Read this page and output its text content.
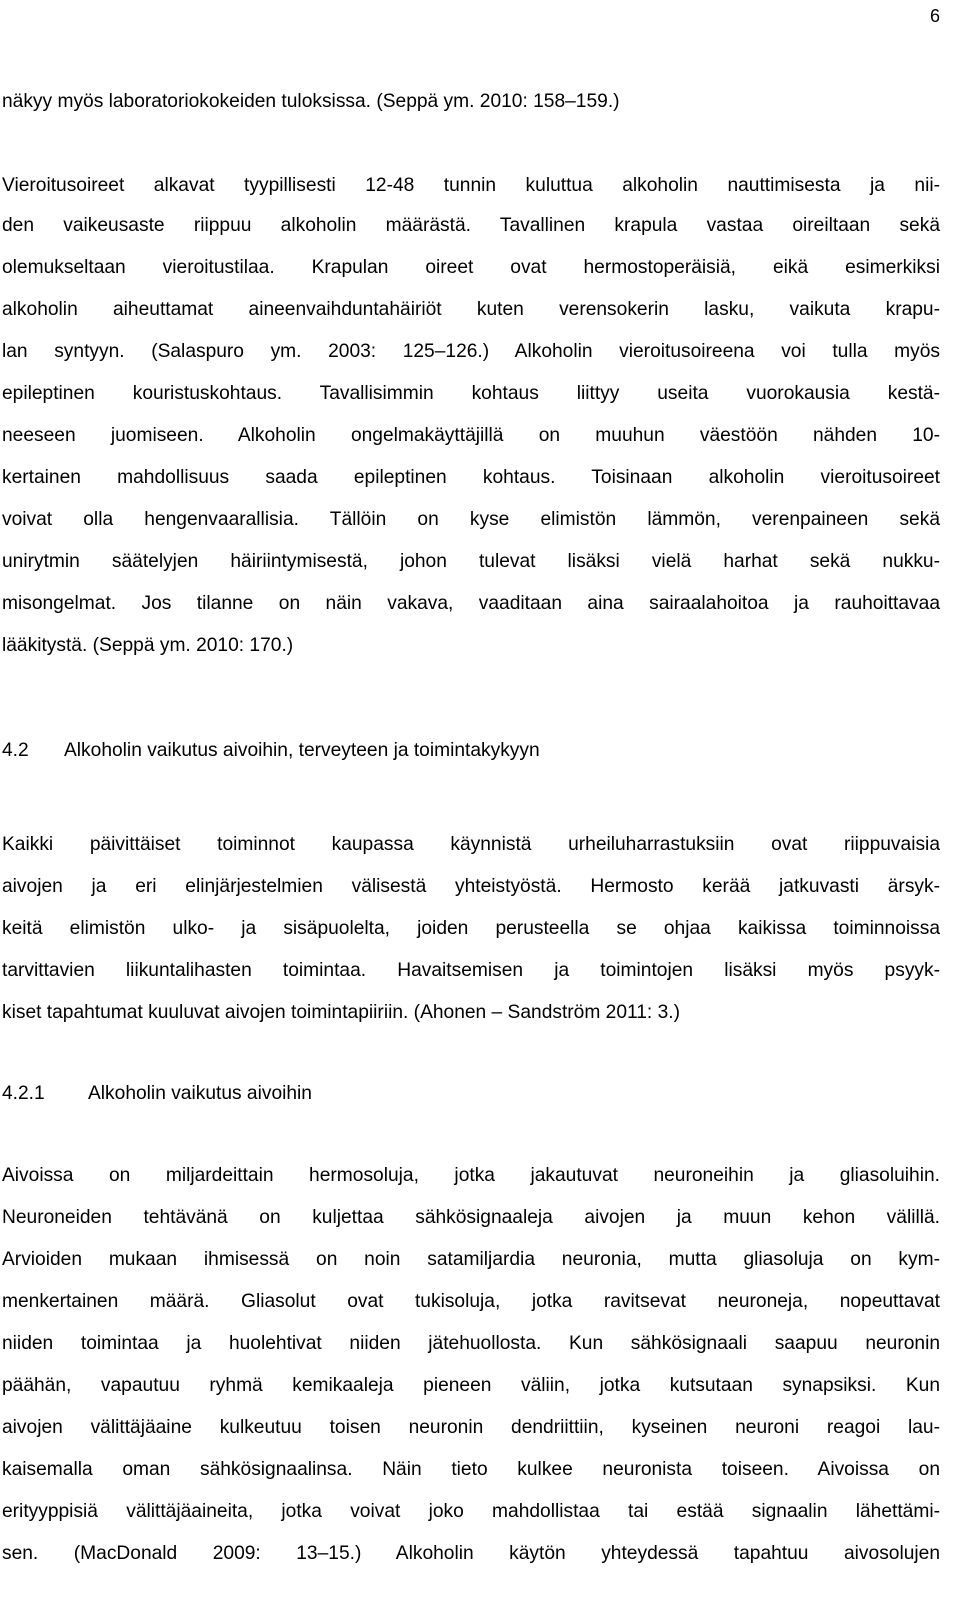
6
näkyy myös laboratoriokokeiden tuloksissa. (Seppä ym. 2010: 158–159.)
Vieroitusoireet alkavat tyypillisesti 12-48 tunnin kuluttua alkoholin nauttimisesta ja nii-
den vaikeusaste riippuu alkoholin määrästä. Tavallinen krapula vastaa oireiltaan sekä
olemukseltaan vieroitustilaa. Krapulan oireet ovat hermostoperäisiä, eikä esimerkiksi
alkoholin aiheuttamat aineenvaihduntahäiriöt kuten verensokerin lasku, vaikuta krapu-
lan syntyyn. (Salaspuro ym. 2003: 125–126.) Alkoholin vieroitusoireena voi tulla myös
epileptinen kouristuskohtaus. Tavallisimmin kohtaus liittyy useita vuorokausia kestä-
neeseen juomiseen. Alkoholin ongelmakäyttäjillä on muuhun väestöön nähden 10-
kertainen mahdollisuus saada epileptinen kohtaus. Toisinaan alkoholin vieroitusoireet
voivat olla hengenvaarallisia. Tällöin on kyse elimistön lämmön, verenpaineen sekä
unirytmin säätelyjen häiriintymisestä, johon tulevat lisäksi vielä harhat sekä nukku-
misongelmat. Jos tilanne on näin vakava, vaaditaan aina sairaalahoitoa ja rauhoittavaa
lääkitystä. (Seppä ym. 2010: 170.)
4.2 Alkoholin vaikutus aivoihin, terveyteen ja toimintakykyyn
Kaikki päivittäiset toiminnot kaupassa käynnistä urheiluharrastuksiin ovat riippuvaisia
aivojen ja eri elinjärjestelmien välisestä yhteistyöstä. Hermosto kerää jatkuvasti ärsyk-
keitä elimistön ulko- ja sisäpuolelta, joiden perusteella se ohjaa kaikissa toiminnoissa
tarvittavien liikuntalihasten toimintaa. Havaitsemisen ja toimintojen lisäksi myös psyyk-
kiset tapahtumat kuuluvat aivojen toimintapiiriin. (Ahonen – Sandström 2011: 3.)
4.2.1 Alkoholin vaikutus aivoihin
Aivoissa on miljardeittain hermosoluja, jotka jakautuvat neuroneihin ja gliasoluihin.
Neuroneiden tehtävänä on kuljettaa sähkösignaaleja aivojen ja muun kehon välillä.
Arvioiden mukaan ihmisessä on noin satamiljardia neuronia, mutta gliasoluja on kym-
menkertainen määrä. Gliasolut ovat tukisoluja, jotka ravitsevat neuroneja, nopeuttavat
niiden toimintaa ja huolehtivat niiden jätehuollosta. Kun sähkösignaali saapuu neuronin
päähän, vapautuu ryhmä kemikaaleja pieneen väliin, jotka kutsutaan synapsiksi. Kun
aivojen välittäjäaine kulkeutuu toisen neuronin dendriittiin, kyseinen neuroni reagoi lau-
kaisemalla oman sähkösignaalinsa. Näin tieto kulkee neuronista toiseen. Aivoissa on
erityyppisiä välittäjäaineita, jotka voivat joko mahdollistaa tai estää signaalin lähettämi-
sen. (MacDonald 2009: 13–15.) Alkoholin käytön yhteydessä tapahtuu aivosolujen
